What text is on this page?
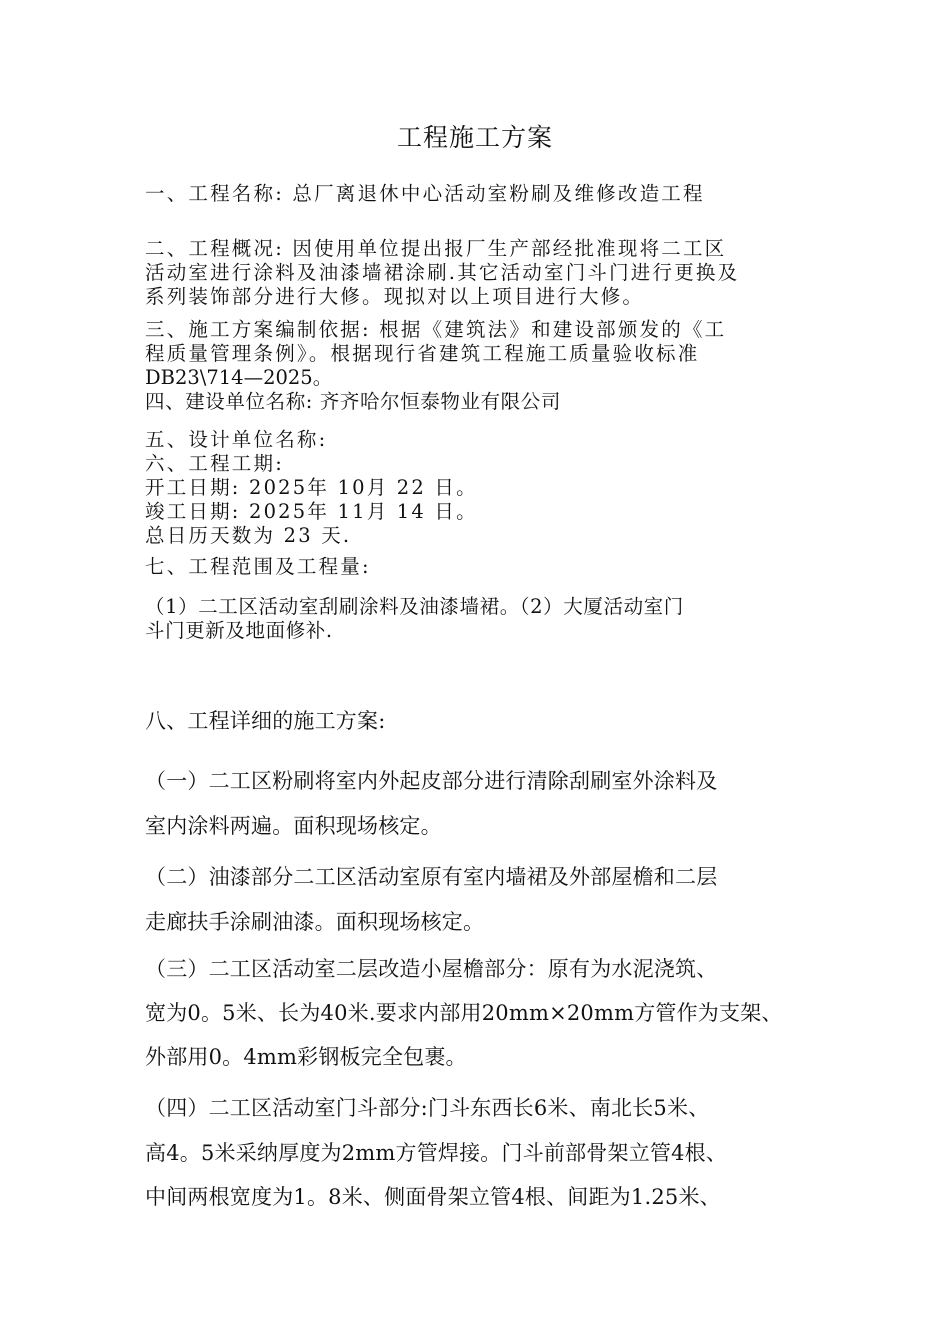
工程施工方案
一、工程名称: 总厂离退休中心活动室粉刷及维修改造工程
二、工程概况: 因使用单位提出报厂生产部经批准现将二工区
活动室进行涂料及油漆墙裙涂刷.其它活动室门斗门进行更换及
系列装饰部分进行大修。现拟对以上项目进行大修。
三、施工方案编制依据: 根据《建筑法》和建设部颁发的《工
程质量管理条例》。根据现行省建筑工程施工质量验收标准
DB23\714—2025。
四、建设单位名称: 齐齐哈尔恒泰物业有限公司
五、设计单位名称:
六、工程工期:
开工日期: 2025年 10月 22 日。
竣工日期: 2025年 11月 14 日。
总日历天数为 23 天.
七、工程范围及工程量:
（1）二工区活动室刮刷涂料及油漆墙裙。（2）大厦活动室门
斗门更新及地面修补.
八、工程详细的施工方案:
（一）二工区粉刷将室内外起皮部分进行清除刮刷室外涂料及
室内涂料两遍。面积现场核定。
（二）油漆部分二工区活动室原有室内墙裙及外部屋檐和二层
走廊扶手涂刷油漆。面积现场核定。
（三）二工区活动室二层改造小屋檐部分：原有为水泥浇筑、
宽为0。5米、长为40米.要求内部用20mm×20mm方管作为支架、
外部用0。4mm彩钢板完全包裹。
（四）二工区活动室门斗部分:门斗东西长6米、南北长5米、
高4。5米采纳厚度为2mm方管焊接。门斗前部骨架立管4根、
中间两根宽度为1。8米、侧面骨架立管4根、间距为1.25米、
